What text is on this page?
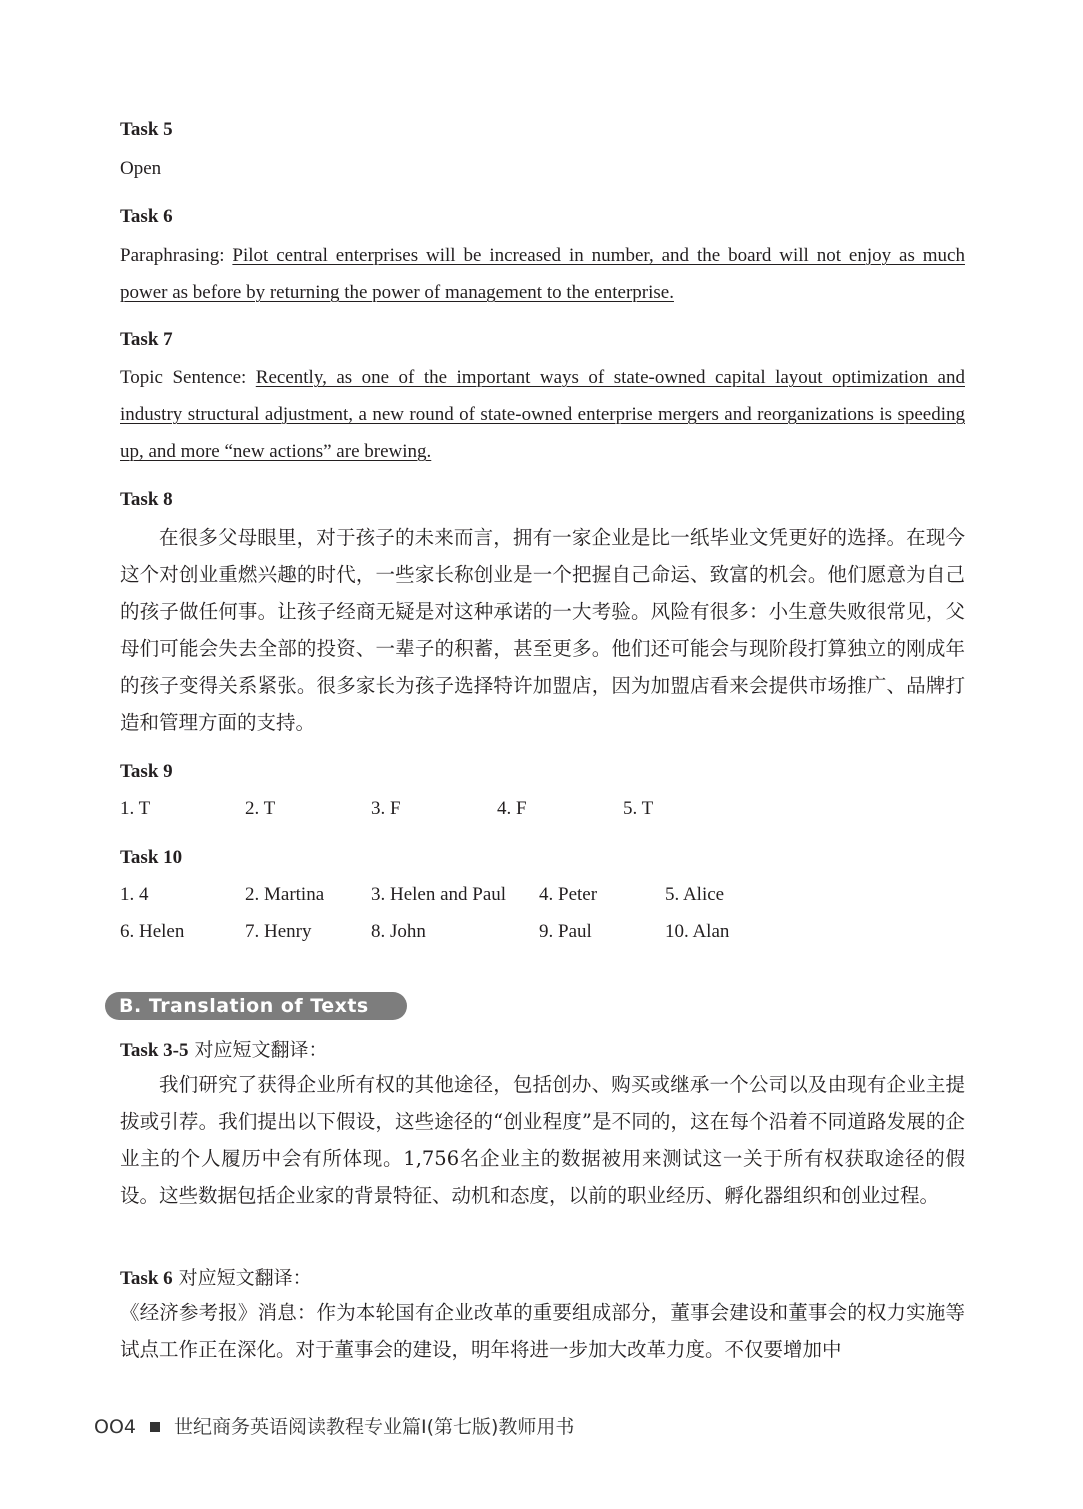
Task 5
Open
Task 6
Paraphrasing: Pilot central enterprises will be increased in number, and the board will not enjoy as much power as before by returning the power of management to the enterprise.
Task 7
Topic Sentence: Recently, as one of the important ways of state-owned capital layout optimization and industry structural adjustment, a new round of state-owned enterprise mergers and reorganizations is speeding up, and more “new actions” are brewing.
Task 8
在很多父母眼里，对于孩子的未来而言，拥有一家企业是比一纸毕业文凭更好的选择。在现今这个对创业重燃兴趣的时代，一些家长称创业是一个把握自己命运、致富的机会。他们愿意为自己的孩子做任何事。让孩子经商无疑是对这种承诺的一大考验。风险有很多：小生意失败很常见，父母们可能会失去全部的投资、一辈子的积蓄，甚至更多。他们还可能会与现阶段打算独立的刚成年的孩子变得关系紧张。很多家长为孩子选择特许加盟店，因为加盟店看来会提供市场推广、品牌打造和管理方面的支持。
Task 9
1. T	2. T	3. F	4. F	5. T
Task 10
1. 4	2. Martina 3. Helen and Paul 4. Peter	5. Alice
6. Helen	7. Henry	8. John	9. Paul	10. Alan
Task 3-5 对应短文翻译：
我们研究了获得企业所有权的其他途径，包括创办、购买或继承一个公司以及由现有企业主提拔或引荐。我们提出以下假设，这些途径的“创业程度”是不同的，这在每个沿着不同道路发展的企业主的个人履历中会有所体现。1,756名企业主的数据被用来测试这一关于所有权获取途径的假设。这些数据包括企业家的背景特征、动机和态度，以前的职业经历、孵化器组织和创业过程。
Task 6 对应短文翻译：
《经济参考报》消息：作为本轮国有企业改革的重要组成部分，董事会建设和董事会的权力实施等试点工作正在深化。对于董事会的建设，明年将进一步加大改革力度。不仅要增加中
B. Translation of Texts
OO4 世纪商务英语阅读教程专业篇Ⅰ(第七版)教师用书
